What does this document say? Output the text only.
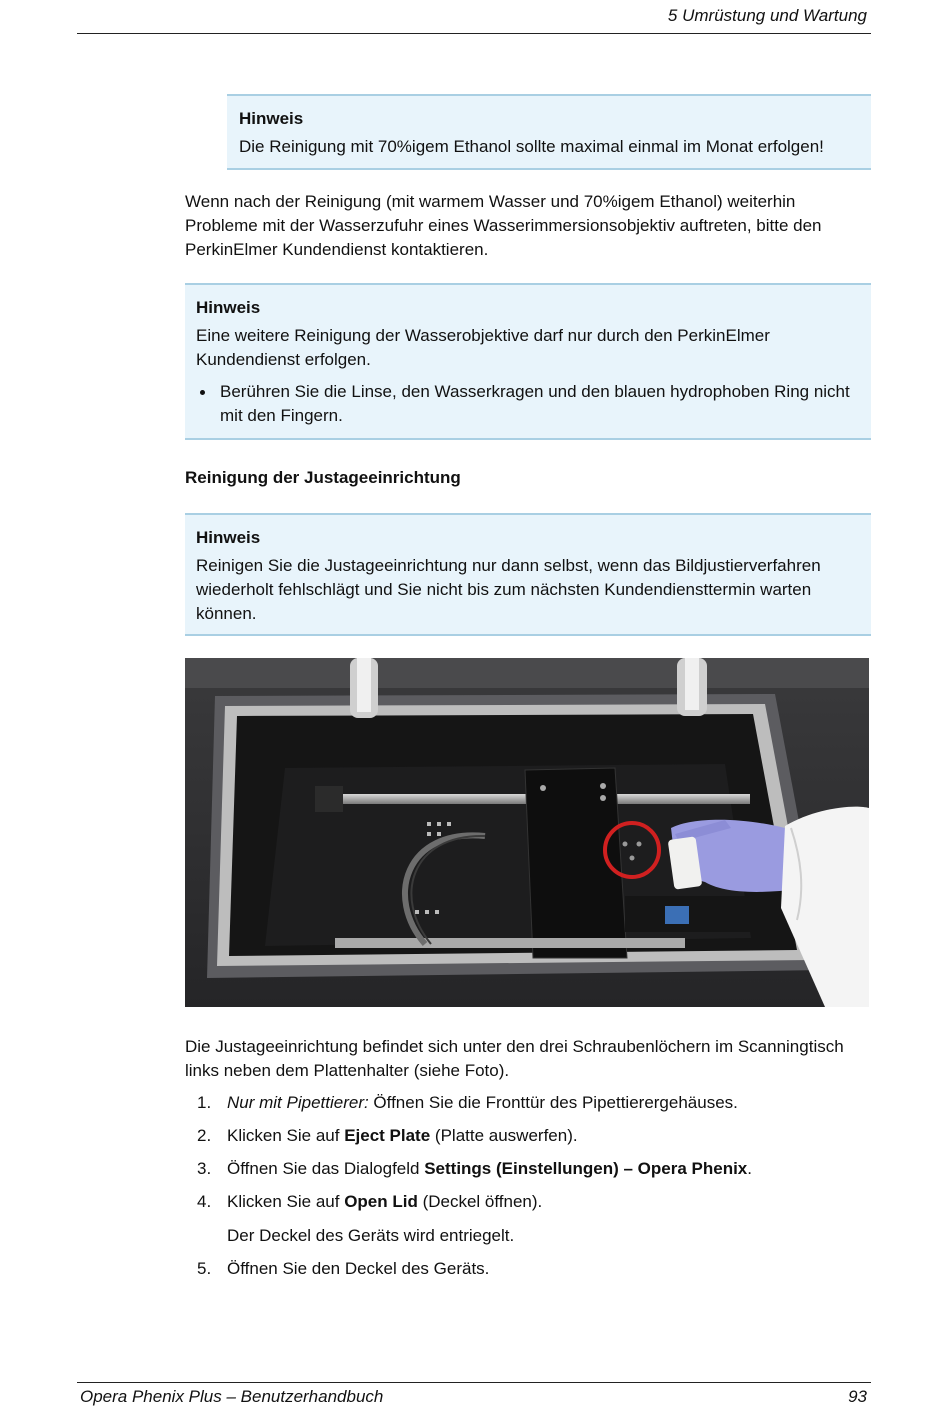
5 Umrüstung und Wartung
Hinweis

Die Reinigung mit 70%igem Ethanol sollte maximal einmal im Monat erfolgen!

Wenn nach der Reinigung (mit warmem Wasser und 70%igem Ethanol) weiterhin Probleme mit der Wasserzufuhr eines Wasserimmersionsobjektiv auftreten, bitte den PerkinElmer Kundendienst kontaktieren.

Hinweis

Eine weitere Reinigung der Wasserobjektive darf nur durch den PerkinElmer Kundendienst erfolgen.

Berühren Sie die Linse, den Wasserkragen und den blauen hydrophoben Ring nicht mit den Fingern.
Reinigung der Justageeinrichtung
Hinweis

Reinigen Sie die Justageeinrichtung nur dann selbst, wenn das Bildjustierverfahren wiederholt fehlschlägt und Sie nicht bis zum nächsten Kundendiensttermin warten können.

Die Justageeinrichtung befindet sich unter den drei Schraubenlöchern im Scanningtisch links neben dem Plattenhalter (siehe Foto).

1. Nur mit Pipettierer: Öffnen Sie die Fronttür des Pipettierergehäuses.
2. Klicken Sie auf Eject Plate (Platte auswerfen).
3. Öffnen Sie das Dialogfeld Settings (Einstellungen) – Opera Phenix.
4. Klicken Sie auf Open Lid (Deckel öffnen).
Der Deckel des Geräts wird entriegelt.
5. Öffnen Sie den Deckel des Geräts.
Opera Phenix Plus – Benutzerhandbuch	93
